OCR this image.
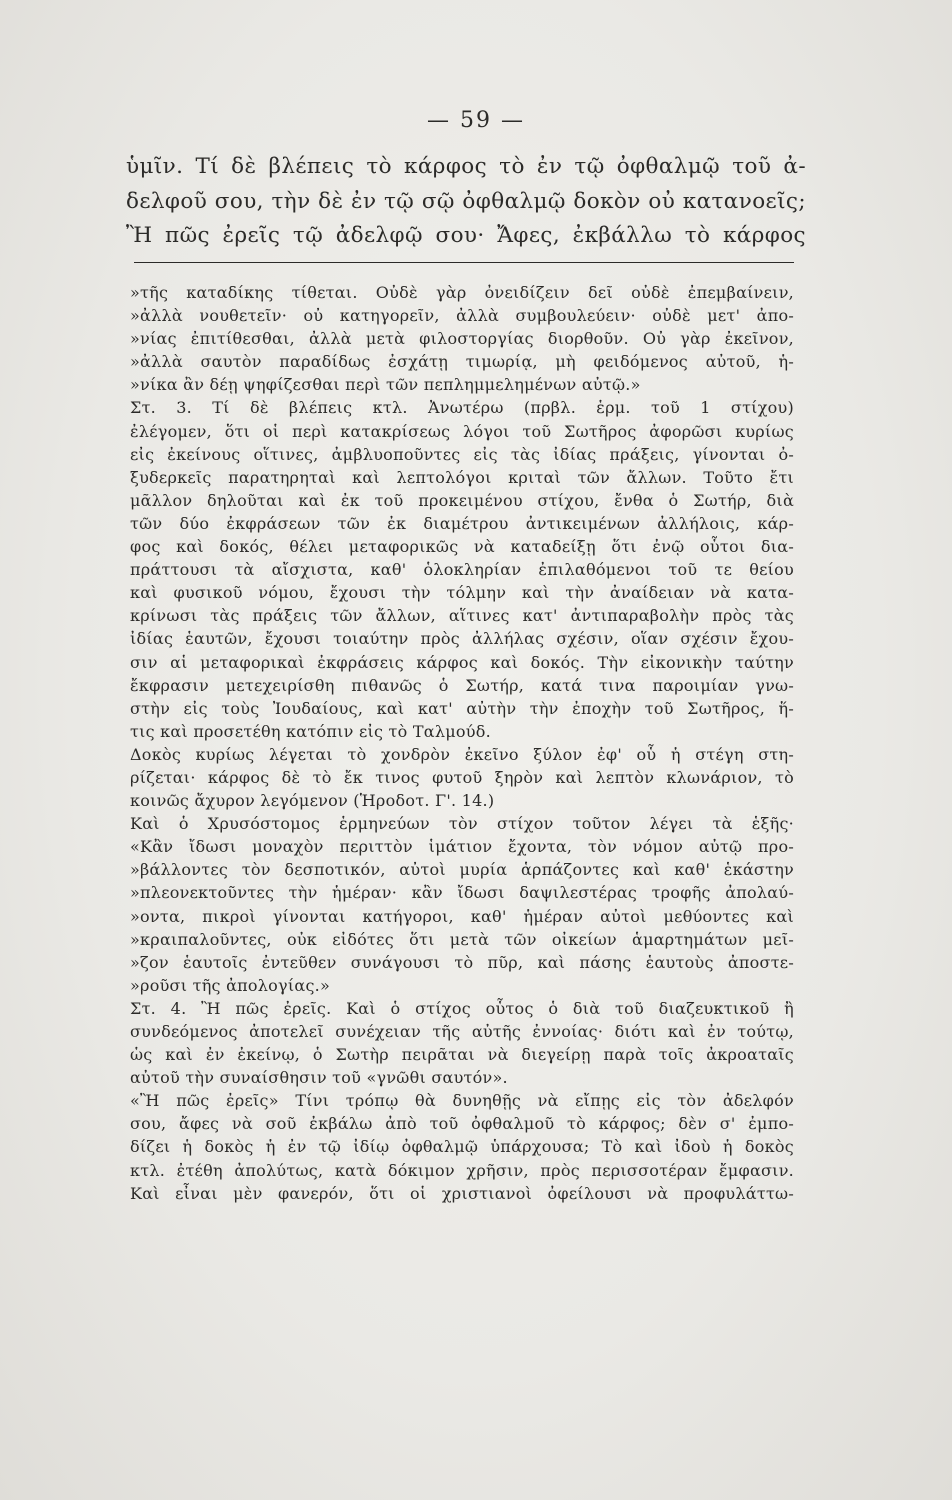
— 59 —
ὑμῖν. Τί δὲ βλέπεις τὸ κάρφος τὸ ἐν τῷ ὀφθαλμῷ τοῦ ἀ-
δελφοῦ σου, τὴν δὲ ἐν τῷ σῷ ὀφθαλμῷ δοκὸν οὐ κατανοεῖς;
Ἢ πῶς ἐρεῖς τῷ ἀδελφῷ σου· Ἄφες, ἐκβάλλω τὸ κάρφος
»τῆς καταδίκης τίθεται. Οὐδὲ γὰρ ὀνειδίζειν δεῖ οὐδὲ ἐπεμβαίνειν,
»ἀλλὰ νουθετεῖν· οὐ κατηγορεῖν, ἀλλὰ συμβουλεύειν· οὐδὲ μετ' ἀπο-
»νίας ἐπιτίθεσθαι, ἀλλὰ μετὰ φιλοστοργίας διορθοῦν. Οὐ γὰρ ἐκεῖνον,
»ἀλλὰ σαυτὸν παραδίδως ἐσχάτῃ τιμωρίᾳ, μὴ φειδόμενος αὐτοῦ, ἡ-
»νίκα ἂν δέῃ ψηφίζεσθαι περὶ τῶν πεπλημμελημένων αὐτῷ.»
Στ. 3. Τί δὲ βλέπεις κτλ. Ἀνωτέρω (πρβλ. ἑρμ. τοῦ 1 στίχου)
ἐλέγομεν, ὅτι οἱ περὶ κατακρίσεως λόγοι τοῦ Σωτῆρος ἀφορῶσι κυρίως
εἰς ἐκείνους οἵτινες, ἀμβλυοποῦντες εἰς τὰς ἰδίας πράξεις, γίνονται ὀ-
ξυδερκεῖς παρατηρηταὶ καὶ λεπτολόγοι κριταὶ τῶν ἄλλων. Τοῦτο ἔτι
μᾶλλον δηλοῦται καὶ ἐκ τοῦ προκειμένου στίχου, ἔνθα ὁ Σωτήρ, διὰ
τῶν δύο ἐκφράσεων τῶν ἐκ διαμέτρου ἀντικειμένων ἀλλήλοις, κάρ-
φος καὶ δοκός, θέλει μεταφορικῶς νὰ καταδείξῃ ὅτι ἐνῷ οὗτοι δια-
πράττουσι τὰ αἴσχιστα, καθ' ὁλοκληρίαν ἐπιλαθόμενοι τοῦ τε θείου
καὶ φυσικοῦ νόμου, ἔχουσι τὴν τόλμην καὶ τὴν ἀναίδειαν νὰ κατα-
κρίνωσι τὰς πράξεις τῶν ἄλλων, αἵτινες κατ' ἀντιπαραβολὴν πρὸς τὰς
ἰδίας ἑαυτῶν, ἔχουσι τοιαύτην πρὸς ἀλλήλας σχέσιν, οἵαν σχέσιν ἔχου-
σιν αἱ μεταφορικαὶ ἐκφράσεις κάρφος καὶ δοκός. Τὴν εἰκονικὴν ταύτην
ἔκφρασιν μετεχειρίσθη πιθανῶς ὁ Σωτήρ, κατά τινα παροιμίαν γνω-
στὴν εἰς τοὺς Ἰουδαίους, καὶ κατ' αὐτὴν τὴν ἐποχὴν τοῦ Σωτῆρος, ἥ-
τις καὶ προσετέθη κατόπιν εἰς τὸ Ταλμούδ.
Δοκὸς κυρίως λέγεται τὸ χονδρὸν ἐκεῖνο ξύλον ἐφ' οὗ ἡ στέγη στη-
ρίζεται· κάρφος δὲ τὸ ἔκ τινος φυτοῦ ξηρὸν καὶ λεπτὸν κλωνάριον, τὸ
κοινῶς ἄχυρον λεγόμενον (Ἡροδοτ. Γ'. 14.)
Καὶ ὁ Χρυσόστομος ἑρμηνεύων τὸν στίχον τοῦτον λέγει τὰ ἑξῆς·
«Κἂν ἴδωσι μοναχὸν περιττὸν ἱμάτιον ἔχοντα, τὸν νόμον αὐτῷ προ-
»βάλλοντες τὸν δεσποτικόν, αὐτοὶ μυρία ἁρπάζοντες καὶ καθ' ἑκάστην
»πλεονεκτοῦντες τὴν ἡμέραν· κἂν ἴδωσι δαψιλεστέρας τροφῆς ἀπολαύ-
»οντα, πικροὶ γίνονται κατήγοροι, καθ' ἡμέραν αὐτοὶ μεθύοντες καὶ
»κραιπαλοῦντες, οὐκ εἰδότες ὅτι μετὰ τῶν οἰκείων ἁμαρτημάτων μεῖ-
»ζον ἑαυτοῖς ἐντεῦθεν συνάγουσι τὸ πῦρ, καὶ πάσης ἑαυτοὺς ἀποστε-
»ροῦσι τῆς ἀπολογίας.»
Στ. 4. Ἢ πῶς ἐρεῖς. Καὶ ὁ στίχος οὗτος ὁ διὰ τοῦ διαζευκτικοῦ ἢ
συνδεόμενος ἀποτελεῖ συνέχειαν τῆς αὐτῆς ἐννοίας· διότι καὶ ἐν τούτῳ,
ὡς καὶ ἐν ἐκείνῳ, ὁ Σωτὴρ πειρᾶται νὰ διεγείρῃ παρὰ τοῖς ἀκροαταῖς
αὐτοῦ τὴν συναίσθησιν τοῦ «γνῶθι σαυτόν».
«Ἢ πῶς ἐρεῖς» Τίνι τρόπῳ θὰ δυνηθῇς νὰ εἴπῃς εἰς τὸν ἀδελφόν
σου, ἄφες νὰ σοῦ ἐκβάλω ἀπὸ τοῦ ὀφθαλμοῦ τὸ κάρφος; δὲν σ' ἐμπο-
δίζει ἡ δοκὸς ἡ ἐν τῷ ἰδίῳ ὀφθαλμῷ ὑπάρχουσα; Τὸ καὶ ἰδοὺ ἡ δοκὸς
κτλ. ἐτέθη ἀπολύτως, κατὰ δόκιμον χρῆσιν, πρὸς περισσοτέραν ἔμφασιν.
Καὶ εἶναι μὲν φανερόν, ὅτι οἱ χριστιανοὶ ὀφείλουσι νὰ προφυλάττω-
